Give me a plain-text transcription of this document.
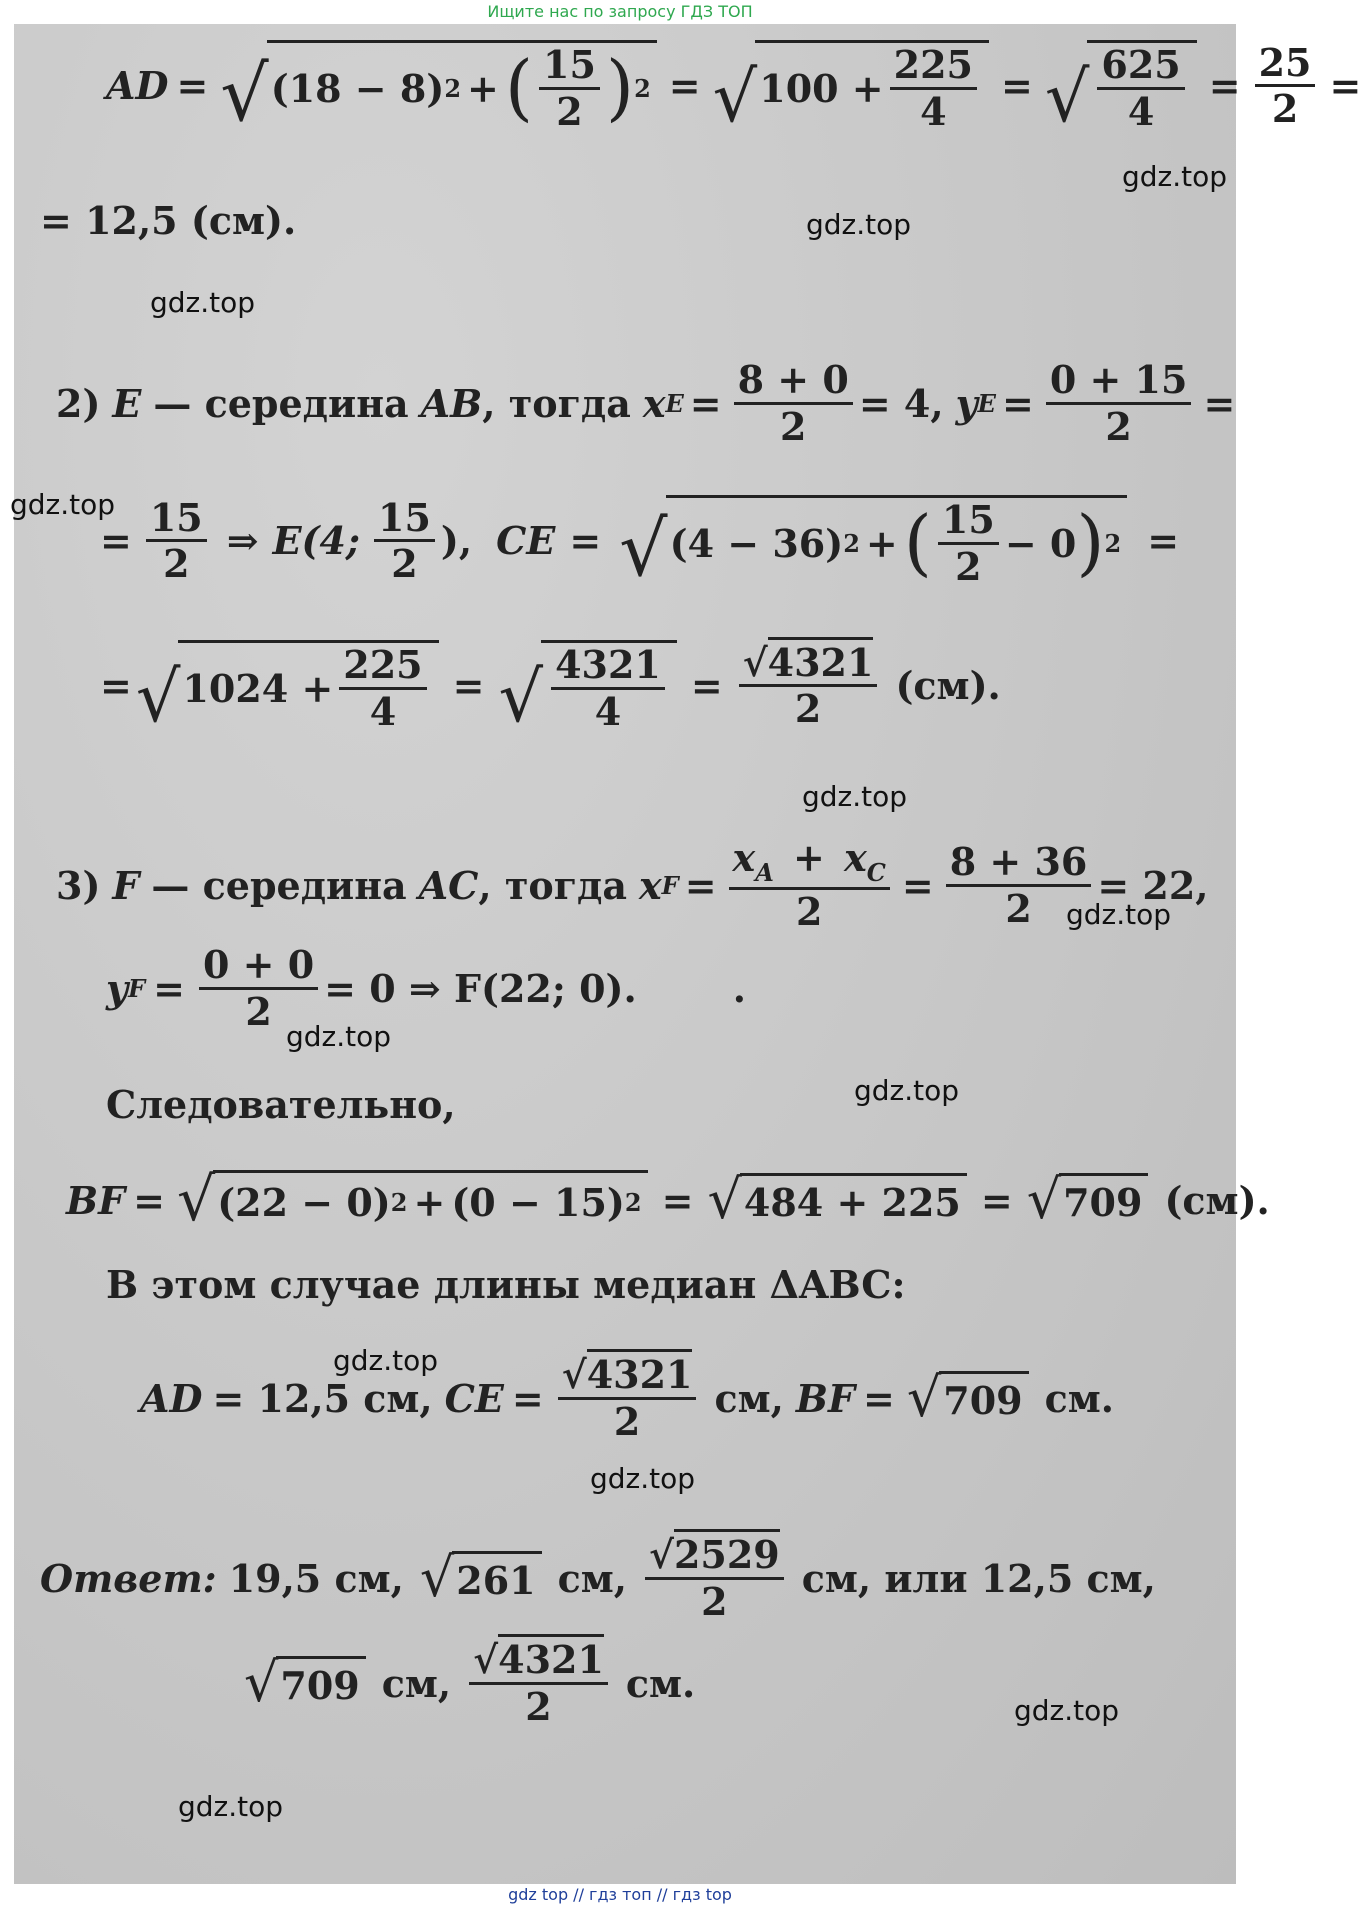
Ищите нас по запросу ГДЗ ТОП
AD = √ (18 − 8) 2 + ( $\frac{15}{2}$ ) 2 = √ $100 + \frac{225}{4}$ = √ $\frac{625}{4} = \frac{25}{2}$ =
= 12,5 (см).
2) E — середина AB , тогда x $E = \frac{8 + 0}{2} = 4$, y $E = \frac{0 + 15}{2}$ =
= $\frac{15}{2}$ ⇒ E(4; $\frac{15}{2}$ ), CE = √ (4 − 36) 2 + ( $\frac{15}{2} - 0$ ) 2 =
= √ $1024 + \frac{225}{4}$ = √ $\frac{4321}{4} = \frac{√4321}{2} (см)$.
3) F — середина AC , тогда x $F = \frac{x_A + x_C}{2} = \frac{8 + 36}{2} = 22$,
y $F = \frac{0 + 0}{2} = 0$ ⇒ F(22; 0).	.
Следовательно,
BF = √ (22 − 0) 2 + (0 − 15) 2 = √ 484 + 225 = √ 709 (см).
В этом случае длины медиан ΔABC:
AD = 12,5 см, CE = $\frac{√4321}{2}$ см, BF = √ 709 см.
Ответ: 19,5 см, √ 261 см, $\frac{√2529}{2}$ см, или 12,5 см,
√ 709 см, $\frac{√4321}{2}$ см.
gdz.top
gdz.top
gdz.top
gdz.top
gdz.top
gdz.top
gdz.top
gdz.top
gdz.top
gdz.top
gdz.top
gdz.top
gdz top // гдз топ // гдз top
